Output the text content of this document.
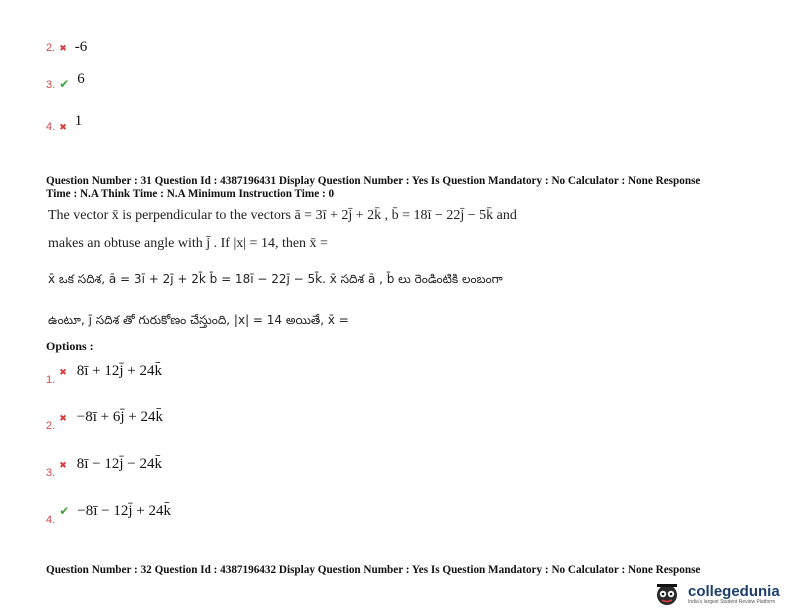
2. ✖ -6
3. ✔ 6
4. ✖ 1
Question Number : 31 Question Id : 4387196431 Display Question Number : Yes Is Question Mandatory : No Calculator : None Response
Time : N.A Think Time : N.A Minimum Instruction Time : 0
The vector x̄ is perpendicular to the vectors ā = 3ī + 2j̄ + 2k̄ , b̄ = 18ī − 22j̄ − 5k̄ and
makes an obtuse angle with j̄ . If |x| = 14, then x̄ =
x̄ ఒక సదిశ, ā = 3ī + 2j̄ + 2k̄ b̄ = 18ī − 22j̄ − 5k̄. x̄ సదిశ ā , b̄ లు రెండింటికి లంబంగా
ఉంటూ, j̄ సదిశ తో గురుకోణం చేస్తుంది, |x| = 14 అయితే, x̄ =
Options :
$_{1.}$ ✖ 8ī + 12j̄ + 24k̄
$_{2.}$ ✖ −8ī + 6j̄ + 24k̄
$_{3.}$ ✖ 8ī − 12j̄ − 24k̄
$_{4.}$ ✔ −8ī − 12j̄ + 24k̄
Question Number : 32 Question Id : 4387196432 Display Question Number : Yes Is Question Mandatory : No Calculator : None Response
collegedunia
India's largest Student Review Platform
